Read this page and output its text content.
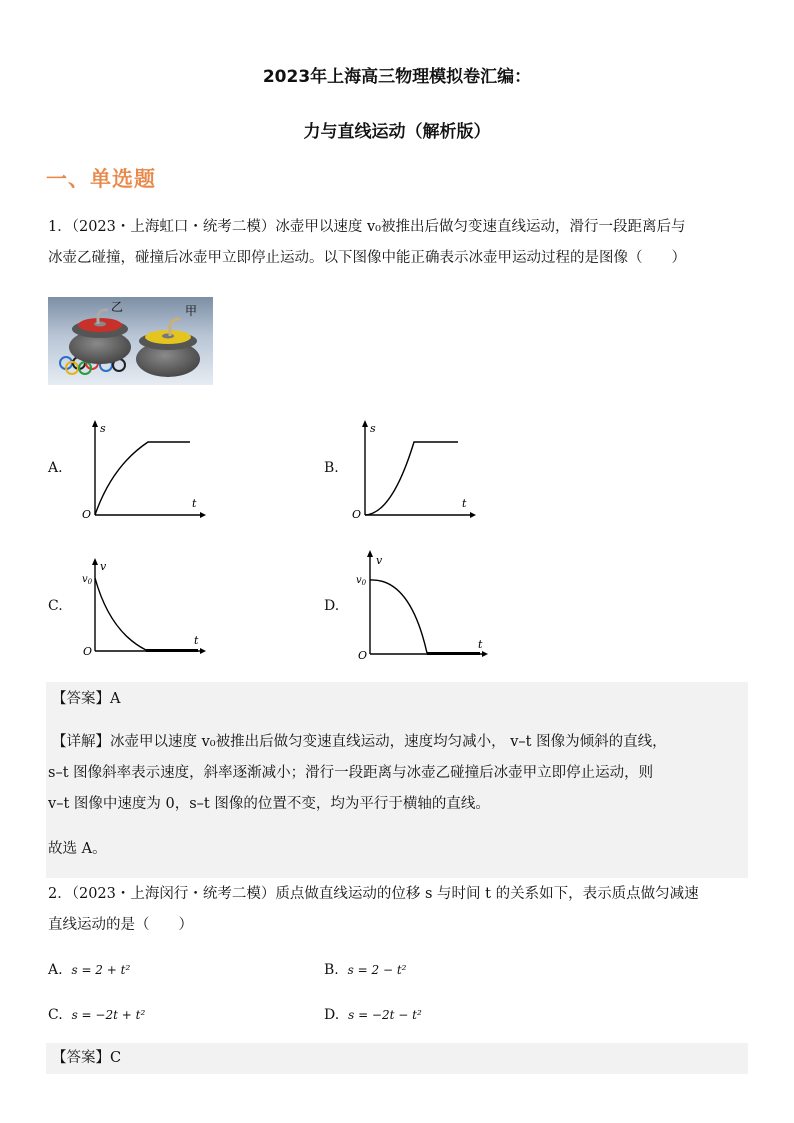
2023年上海高三物理模拟卷汇编：
力与直线运动（解析版）
一、单选题
1．（2023・上海虹口・统考二模）冰壶甲以速度 v₀被推出后做匀变速直线运动，滑行一段距离后与
冰壶乙碰撞，碰撞后冰壶甲立即停止运动。以下图像中能正确表示冰壶甲运动过程的是图像（　　）
乙	甲
A.	B.
C.	D.
s
t
O
s
t
O
v
t
O
$v_0$
v
t
O
$v_0$
【答案】A
【详解】冰壶甲以速度 v₀被推出后做匀变速直线运动，速度均匀减小， v–t 图像为倾斜的直线，
s–t 图像斜率表示速度，斜率逐渐减小；滑行一段距离与冰壶乙碰撞后冰壶甲立即停止运动，则
v–t 图像中速度为 0，s–t 图像的位置不变，均为平行于横轴的直线。
故选 A。
2．（2023・上海闵行・统考二模）质点做直线运动的位移 s 与时间 t 的关系如下，表示质点做匀减速
直线运动的是（　　）
A. s = 2 + t²	B. s = 2 − t²
C. s = −2t + t²	D. s = −2t − t²
【答案】C
